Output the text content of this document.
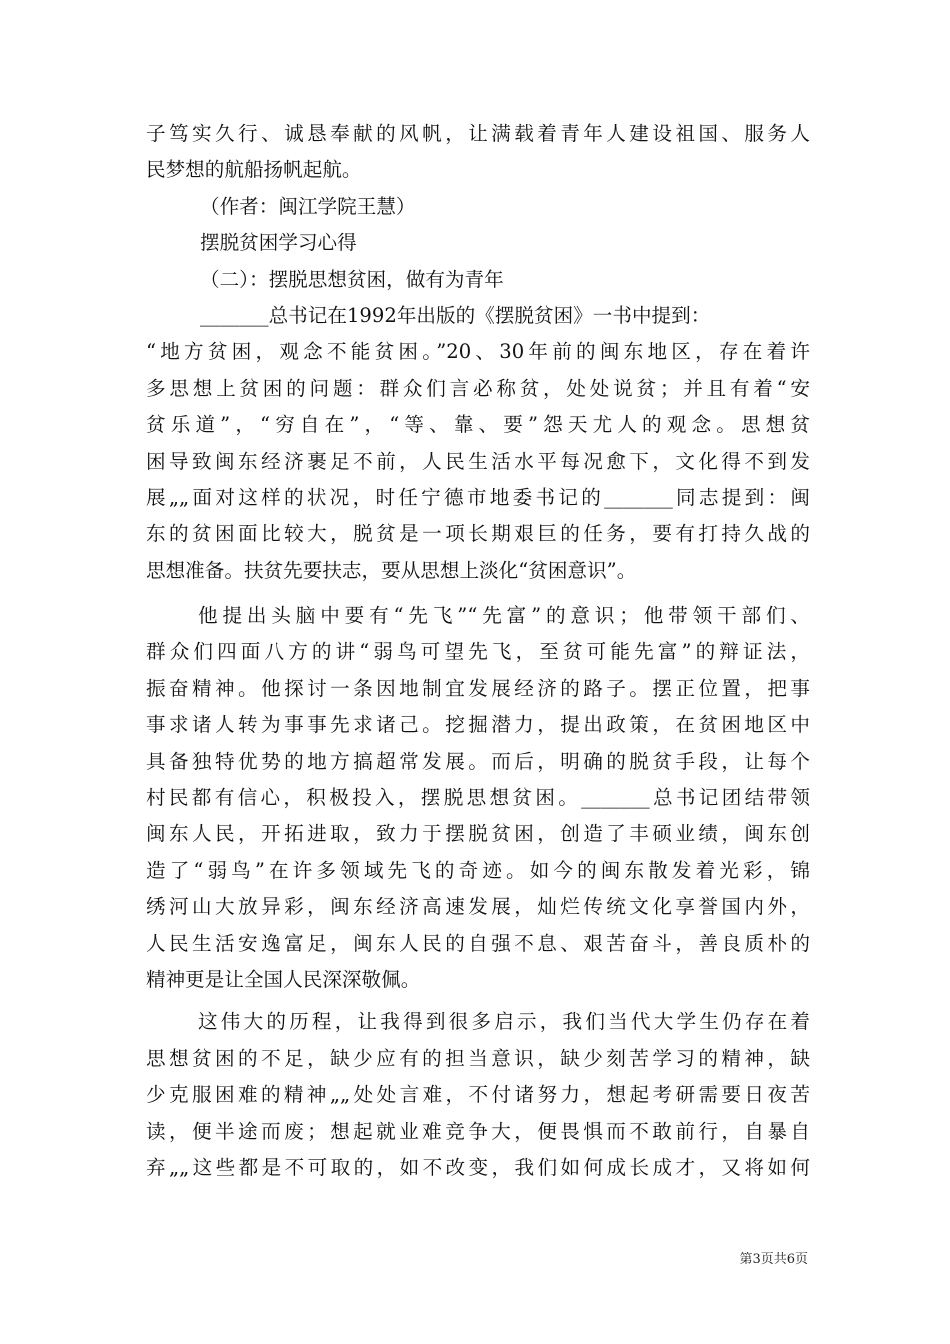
子笃实久行、诚恳奉献的风帆，让满载着青年人建设祖国、服务人
民梦想的航船扬帆起航。
（作者：闽江学院王慧）
摆脱贫困学习心得
（二）：摆脱思想贫困，做有为青年
_______总书记在1992年出版的《摆脱贫困》一书中提到：
“地方贫困，观念不能贫困。”20、30年前的闽东地区，存在着许
多思想上贫困的问题：群众们言必称贫，处处说贫；并且有着“安
贫乐道”，“穷自在”，“等、靠、要”怨天尤人的观念。思想贫
困导致闽东经济裹足不前，人民生活水平每况愈下，文化得不到发
展„„面对这样的状况，时任宁德市地委书记的_______同志提到：闽
东的贫困面比较大，脱贫是一项长期艰巨的任务，要有打持久战的
思想准备。扶贫先要扶志，要从思想上淡化“贫困意识”。
他提出头脑中要有“先飞”“先富”的意识；他带领干部们、
群众们四面八方的讲“弱鸟可望先飞，至贫可能先富”的辩证法，
振奋精神。他探讨一条因地制宜发展经济的路子。摆正位置，把事
事求诸人转为事事先求诸己。挖掘潜力，提出政策，在贫困地区中
具备独特优势的地方搞超常发展。而后，明确的脱贫手段，让每个
村民都有信心，积极投入，摆脱思想贫困。_______总书记团结带领
闽东人民，开拓进取，致力于摆脱贫困，创造了丰硕业绩，闽东创
造了“弱鸟”在许多领域先飞的奇迹。如今的闽东散发着光彩，锦
绣河山大放异彩，闽东经济高速发展，灿烂传统文化享誉国内外，
人民生活安逸富足，闽东人民的自强不息、艰苦奋斗，善良质朴的
精神更是让全国人民深深敬佩。
这伟大的历程，让我得到很多启示，我们当代大学生仍存在着
思想贫困的不足，缺少应有的担当意识，缺少刻苦学习的精神，缺
少克服困难的精神„„处处言难，不付诸努力，想起考研需要日夜苦
读，便半途而废；想起就业难竞争大，便畏惧而不敢前行，自暴自
弃„„这些都是不可取的，如不改变，我们如何成长成才，又将如何
第3页共6页
